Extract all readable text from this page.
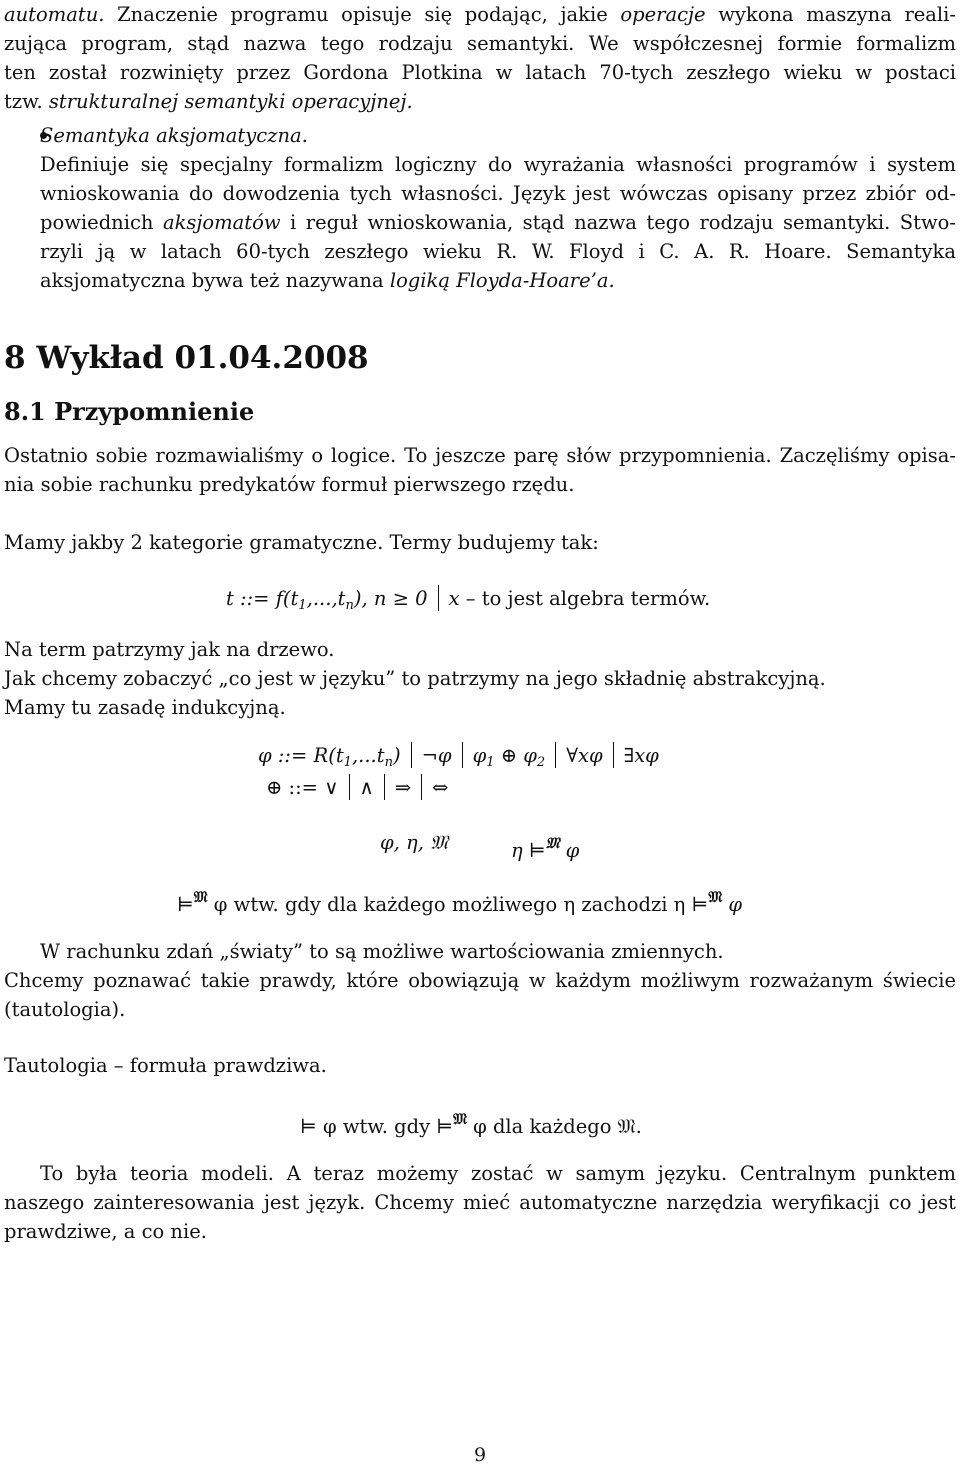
automatu. Znaczenie programu opisuje się podając, jakie operacje wykona maszyna reali-
zująca program, stąd nazwa tego rodzaju semantyki. We współczesnej formie formalizm
ten został rozwinięty przez Gordona Plotkina w latach 70-tych zeszłego wieku w postaci
tzw. strukturalnej semantyki operacyjnej.
Semantyka aksjomatyczna.
Definiuje się specjalny formalizm logiczny do wyrażania własności programów i system
wnioskowania do dowodzenia tych własności. Język jest wówczas opisany przez zbiór od-
powiednich aksjomatów i reguł wnioskowania, stąd nazwa tego rodzaju semantyki. Stwo-
rzyli ją w latach 60-tych zeszłego wieku R. W. Floyd i C. A. R. Hoare. Semantyka
aksjomatyczna bywa też nazywana logiką Floyda-Hoare’a.
8 Wykład 01.04.2008
8.1 Przypomnienie
Ostatnio sobie rozmawialiśmy o logice. To jeszcze parę słów przypomnienia. Zaczęliśmy opisa-
nia sobie rachunku predykatów formuł pierwszego rzędu.
Mamy jakby 2 kategorie gramatyczne. Termy budujemy tak:
t ::= $f(t_1,...,t_n)$, n ≥ 0 x – to jest algebra termów.
Na term patrzymy jak na drzewo.
Jak chcemy zobaczyć „co jest w języku” to patrzymy na jego składnię abstrakcyjną.
Mamy tu zasadę indukcyjną.
φ ::= $R(t_1,...t_n)$ ¬φ $\varphi_1$ ⊕ $\varphi_2$ ∀xφ ∃xφ
⊕ ::= ∨ ∧ ⇒ ⇔
φ, η, 𝔐	η ⊨$^𝔐$ φ
⊨$^𝔐$ φ wtw. gdy dla każdego możliwego η zachodzi η ⊨$^𝔐$ φ
W rachunku zdań „światy” to są możliwe wartościowania zmiennych.
Chcemy poznawać takie prawdy, które obowiązują w każdym możliwym rozważanym świecie
(tautologia).
Tautologia – formuła prawdziwa.
⊨ φ wtw. gdy ⊨$^𝔐$ φ dla każdego 𝔐.
To była teoria modeli. A teraz możemy zostać w samym języku. Centralnym punktem
naszego zainteresowania jest język. Chcemy mieć automatyczne narzędzia weryfikacji co jest
prawdziwe, a co nie.
9
